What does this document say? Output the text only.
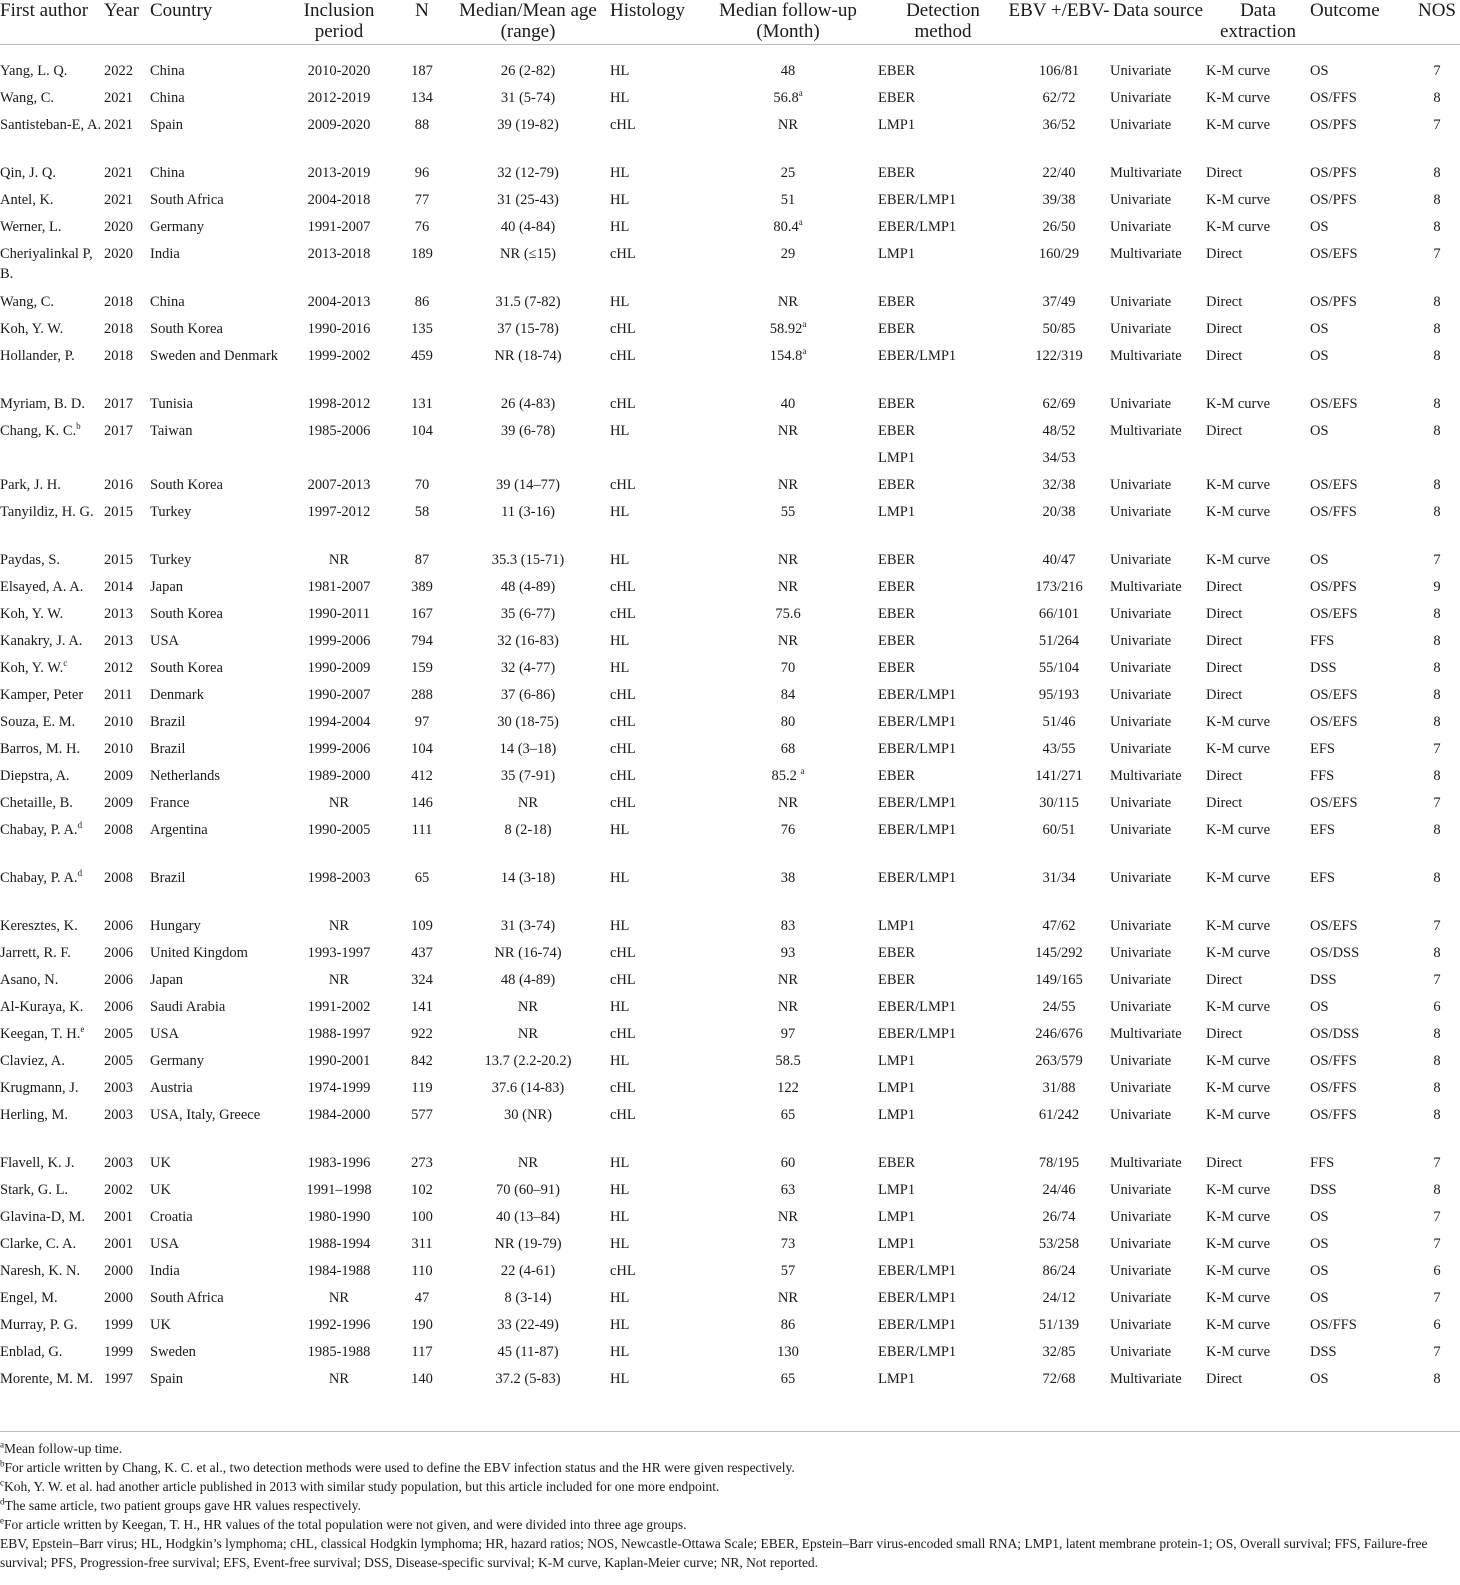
First author	Year	Country	Inclusion period	N	Median/Mean age (range)	Histology	Median follow-up (Month)	Detection method	EBV +/EBV-	Data source	Data extraction	Outcome	NOS
Yang, L. Q.	2022	China	2010-2020	187	26 (2-82)	HL	48	EBER	106/81	Univariate	K-M curve	OS	7
Wang, C.	2021	China	2012-2019	134	31 (5-74)	HL	56.8$^a$	EBER	62/72	Univariate	K-M curve	OS/FFS	8
Santisteban-E, A.	2021	Spain	2009-2020	88	39 (19-82)	cHL	NR	LMP1	36/52	Univariate	K-M curve	OS/PFS	7
Qin, J. Q.	2021	China	2013-2019	96	32 (12-79)	HL	25	EBER	22/40	Multivariate	Direct	OS/PFS	8
Antel, K.	2021	South Africa	2004-2018	77	31 (25-43)	HL	51	EBER/LMP1	39/38	Univariate	K-M curve	OS/PFS	8
Werner, L.	2020	Germany	1991-2007	76	40 (4-84)	HL	80.4$^a$	EBER/LMP1	26/50	Univariate	K-M curve	OS	8
Cheriyalinkal P, B.	2020	India	2013-2018	189	NR (≤15)	cHL	29	LMP1	160/29	Multivariate	Direct	OS/EFS	7
Wang, C.	2018	China	2004-2013	86	31.5 (7-82)	HL	NR	EBER	37/49	Univariate	Direct	OS/PFS	8
Koh, Y. W.	2018	South Korea	1990-2016	135	37 (15-78)	cHL	58.92$^a$	EBER	50/85	Univariate	Direct	OS	8
Hollander, P.	2018	Sweden and Denmark	1999-2002	459	NR (18-74)	cHL	154.8$^a$	EBER/LMP1	122/319	Multivariate	Direct	OS	8
Myriam, B. D.	2017	Tunisia	1998-2012	131	26 (4-83)	cHL	40	EBER	62/69	Univariate	K-M curve	OS/EFS	8
Chang, K. C.$^b$	2017	Taiwan	1985-2006	104	39 (6-78)	HL	NR	EBER	48/52	Multivariate	Direct	OS	8
								LMP1	34/53				
Park, J. H.	2016	South Korea	2007-2013	70	39 (14–77)	cHL	NR	EBER	32/38	Univariate	K-M curve	OS/EFS	8
Tanyildiz, H. G.	2015	Turkey	1997-2012	58	11 (3-16)	HL	55	LMP1	20/38	Univariate	K-M curve	OS/FFS	8
Paydas, S.	2015	Turkey	NR	87	35.3 (15-71)	HL	NR	EBER	40/47	Univariate	K-M curve	OS	7
Elsayed, A. A.	2014	Japan	1981-2007	389	48 (4-89)	cHL	NR	EBER	173/216	Multivariate	Direct	OS/PFS	9
Koh, Y. W.	2013	South Korea	1990-2011	167	35 (6-77)	cHL	75.6	EBER	66/101	Univariate	Direct	OS/EFS	8
Kanakry, J. A.	2013	USA	1999-2006	794	32 (16-83)	HL	NR	EBER	51/264	Univariate	Direct	FFS	8
Koh, Y. W.$^c$	2012	South Korea	1990-2009	159	32 (4-77)	HL	70	EBER	55/104	Univariate	Direct	DSS	8
Kamper, Peter	2011	Denmark	1990-2007	288	37 (6-86)	cHL	84	EBER/LMP1	95/193	Univariate	Direct	OS/EFS	8
Souza, E. M.	2010	Brazil	1994-2004	97	30 (18-75)	cHL	80	EBER/LMP1	51/46	Univariate	K-M curve	OS/EFS	8
Barros, M. H.	2010	Brazil	1999-2006	104	14 (3–18)	cHL	68	EBER/LMP1	43/55	Univariate	K-M curve	EFS	7
Diepstra, A.	2009	Netherlands	1989-2000	412	35 (7-91)	cHL	85.2 $^a$	EBER	141/271	Multivariate	Direct	FFS	8
Chetaille, B.	2009	France	NR	146	NR	cHL	NR	EBER/LMP1	30/115	Univariate	Direct	OS/EFS	7
Chabay, P. A.$^d$	2008	Argentina	1990-2005	111	8 (2-18)	HL	76	EBER/LMP1	60/51	Univariate	K-M curve	EFS	8
Chabay, P. A.$^d$	2008	Brazil	1998-2003	65	14 (3-18)	HL	38	EBER/LMP1	31/34	Univariate	K-M curve	EFS	8
Keresztes, K.	2006	Hungary	NR	109	31 (3-74)	HL	83	LMP1	47/62	Univariate	K-M curve	OS/EFS	7
Jarrett, R. F.	2006	United Kingdom	1993-1997	437	NR (16-74)	cHL	93	EBER	145/292	Univariate	K-M curve	OS/DSS	8
Asano, N.	2006	Japan	NR	324	48 (4-89)	cHL	NR	EBER	149/165	Univariate	Direct	DSS	7
Al-Kuraya, K.	2006	Saudi Arabia	1991-2002	141	NR	HL	NR	EBER/LMP1	24/55	Univariate	K-M curve	OS	6
Keegan, T. H.$^e$	2005	USA	1988-1997	922	NR	cHL	97	EBER/LMP1	246/676	Multivariate	Direct	OS/DSS	8
Claviez, A.	2005	Germany	1990-2001	842	13.7 (2.2-20.2)	HL	58.5	LMP1	263/579	Univariate	K-M curve	OS/FFS	8
Krugmann, J.	2003	Austria	1974-1999	119	37.6 (14-83)	cHL	122	LMP1	31/88	Univariate	K-M curve	OS/FFS	8
Herling, M.	2003	USA, Italy, Greece	1984-2000	577	30 (NR)	cHL	65	LMP1	61/242	Univariate	K-M curve	OS/FFS	8
Flavell, K. J.	2003	UK	1983-1996	273	NR	HL	60	EBER	78/195	Multivariate	Direct	FFS	7
Stark, G. L.	2002	UK	1991–1998	102	70 (60–91)	HL	63	LMP1	24/46	Univariate	K-M curve	DSS	8
Glavina-D, M.	2001	Croatia	1980-1990	100	40 (13–84)	HL	NR	LMP1	26/74	Univariate	K-M curve	OS	7
Clarke, C. A.	2001	USA	1988-1994	311	NR (19-79)	HL	73	LMP1	53/258	Univariate	K-M curve	OS	7
Naresh, K. N.	2000	India	1984-1988	110	22 (4-61)	cHL	57	EBER/LMP1	86/24	Univariate	K-M curve	OS	6
Engel, M.	2000	South Africa	NR	47	8 (3-14)	HL	NR	EBER/LMP1	24/12	Univariate	K-M curve	OS	7
Murray, P. G.	1999	UK	1992-1996	190	33 (22-49)	HL	86	EBER/LMP1	51/139	Univariate	K-M curve	OS/FFS	6
Enblad, G.	1999	Sweden	1985-1988	117	45 (11-87)	HL	130	EBER/LMP1	32/85	Univariate	K-M curve	DSS	7
Morente, M. M.	1997	Spain	NR	140	37.2 (5-83)	HL	65	LMP1	72/68	Multivariate	Direct	OS	8

$^a$Mean follow-up time.

$^b$For article written by Chang, K. C. et al., two detection methods were used to define the EBV infection status and the HR were given respectively.

$^c$Koh, Y. W. et al. had another article published in 2013 with similar study population, but this article included for one more endpoint.

$^d$The same article, two patient groups gave HR values respectively.

$^e$For article written by Keegan, T. H., HR values of the total population were not given, and were divided into three age groups.

EBV, Epstein–Barr virus; HL, Hodgkin’s lymphoma; cHL, classical Hodgkin lymphoma; HR, hazard ratios; NOS, Newcastle-Ottawa Scale; EBER, Epstein–Barr virus-encoded small RNA; LMP1, latent membrane protein-1; OS, Overall survival; FFS, Failure-free survival; PFS, Progression-free survival; EFS, Event-free survival; DSS, Disease-specific survival; K-M curve, Kaplan-Meier curve; NR, Not reported.
